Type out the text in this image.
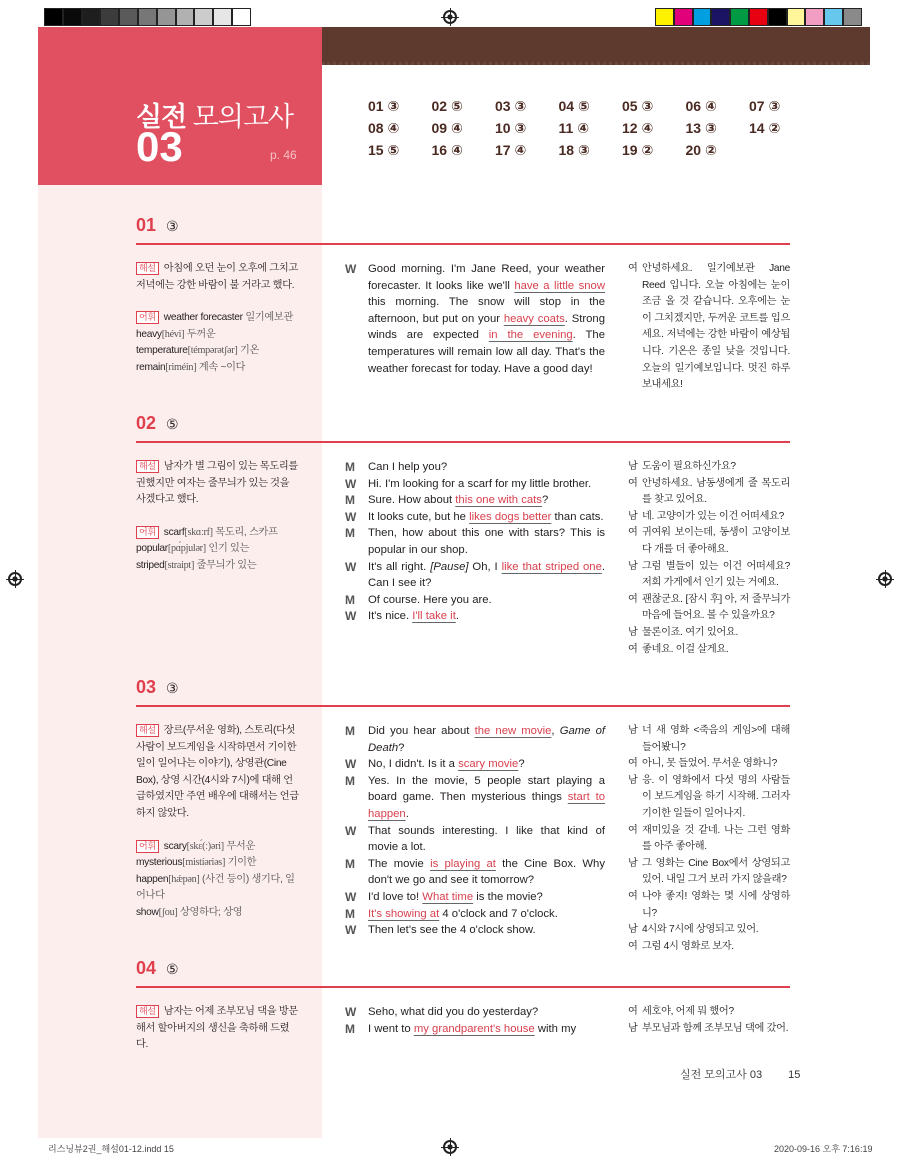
실전 모의고사
03	p. 46
01 ③	02 ⑤	03 ③	04 ⑤	05 ③	06 ④	07 ③
08 ④	09 ④	10 ③	11 ④	12 ④	13 ③	14 ②
15 ⑤	16 ④	17 ④	18 ③	19 ②	20 ②
01 ③
해설 아침에 오던 눈이 오후에 그치고 저녁에는 강한 바람이 불 거라고 했다.
어휘 weather forecaster 일기예보관
heavy[hévi] 두꺼운
temperature[témpərətʃər] 기온
remain[riméin] 계속 ~이다
W	Good morning. I'm Jane Reed, your weather forecaster. It looks like we'll have a little snow this morning. The snow will stop in the afternoon, but put on your heavy coats. Strong winds are expected in the evening. The temperatures will remain low all day. That's the weather forecast for today. Have a good day!
여 안녕하세요. 일기예보관 Jane Reed 입니다. 오늘 아침에는 눈이 조금 올 것 같습니다. 오후에는 눈이 그치겠지만, 두꺼운 코트를 입으세요. 저녁에는 강한 바람이 예상됩니다. 기온은 종일 낮을 것입니다. 오늘의 일기예보입니다. 멋진 하루 보내세요!
02 ⑤
해설 남자가 별 그림이 있는 목도리를 권했지만 여자는 줄무늬가 있는 것을 사겠다고 했다.
어휘 scarf[skɑːrf] 목도리, 스카프
popular[pɑ́pjulər] 인기 있는
striped[straipt] 줄무늬가 있는
M	Can I help you?
W	Hi. I'm looking for a scarf for my little brother.
M	Sure. How about this one with cats?
W	It looks cute, but he likes dogs better than cats.
M	Then, how about this one with stars? This is popular in our shop.
W	It's all right. [Pause] Oh, I like that striped one. Can I see it?
M	Of course. Here you are.
W	It's nice. I'll take it.
남 도움이 필요하신가요?
여 안녕하세요. 남동생에게 줄 목도리를 찾고 있어요.
남 네. 고양이가 있는 이건 어떠세요?
여 귀여워 보이는데, 동생이 고양이보다 개를 더 좋아해요.
남 그럼 별들이 있는 이건 어떠세요? 저희 가게에서 인기 있는 거예요.
여 괜찮군요. [잠시 후] 아, 저 줄무늬가 마음에 들어요. 볼 수 있을까요?
남 물론이죠. 여기 있어요.
여 좋네요. 이걸 살게요.
03 ③
해설 장르(무서운 영화), 스토리(다섯 사람이 보드게임을 시작하면서 기이한 일이 일어나는 이야기), 상영관(Cine Box), 상영 시간(4시와 7시)에 대해 언급하였지만 주연 배우에 대해서는 언급하지 않았다.
어휘 scary[skɛ́(ː)əri] 무서운
mysterious[mistíəriəs] 기이한
happen[hǽpən] (사건 등이) 생기다, 일어나다
show[ʃou] 상영하다; 상영
M	Did you hear about the new movie, Game of Death?
W	No, I didn't. Is it a scary movie?
M	Yes. In the movie, 5 people start playing a board game. Then mysterious things start to happen.
W	That sounds interesting. I like that kind of movie a lot.
M	The movie is playing at the Cine Box. Why don't we go and see it tomorrow?
W	I'd love to! What time is the movie?
M	It's showing at 4 o'clock and 7 o'clock.
W	Then let's see the 4 o'clock show.
남 너 새 영화 <죽음의 게임>에 대해 들어봤니?
여 아니, 못 들었어. 무서운 영화니?
남 응. 이 영화에서 다섯 명의 사람들이 보드게임을 하기 시작해. 그러자 기이한 일들이 일어나지.
여 재미있을 것 같네. 나는 그런 영화를 아주 좋아해.
남 그 영화는 Cine Box에서 상영되고 있어. 내일 그거 보러 가지 않을래?
여 나야 좋지! 영화는 몇 시에 상영하니?
남 4시와 7시에 상영되고 있어.
여 그럼 4시 영화로 보자.
04 ⑤
해설 남자는 어제 조부모님 댁을 방문해서 할아버지의 생신을 축하해 드렸다.
W	Seho, what did you do yesterday?
M	I went to my grandparent's house with my
여 세호야, 어제 뭐 했어?
남 부모님과 함께 조부모님 댁에 갔어.
실전 모의고사 03 15
리스닝뷰2권_해설01-12.indd 15	2020-09-16 오후 7:16:19
